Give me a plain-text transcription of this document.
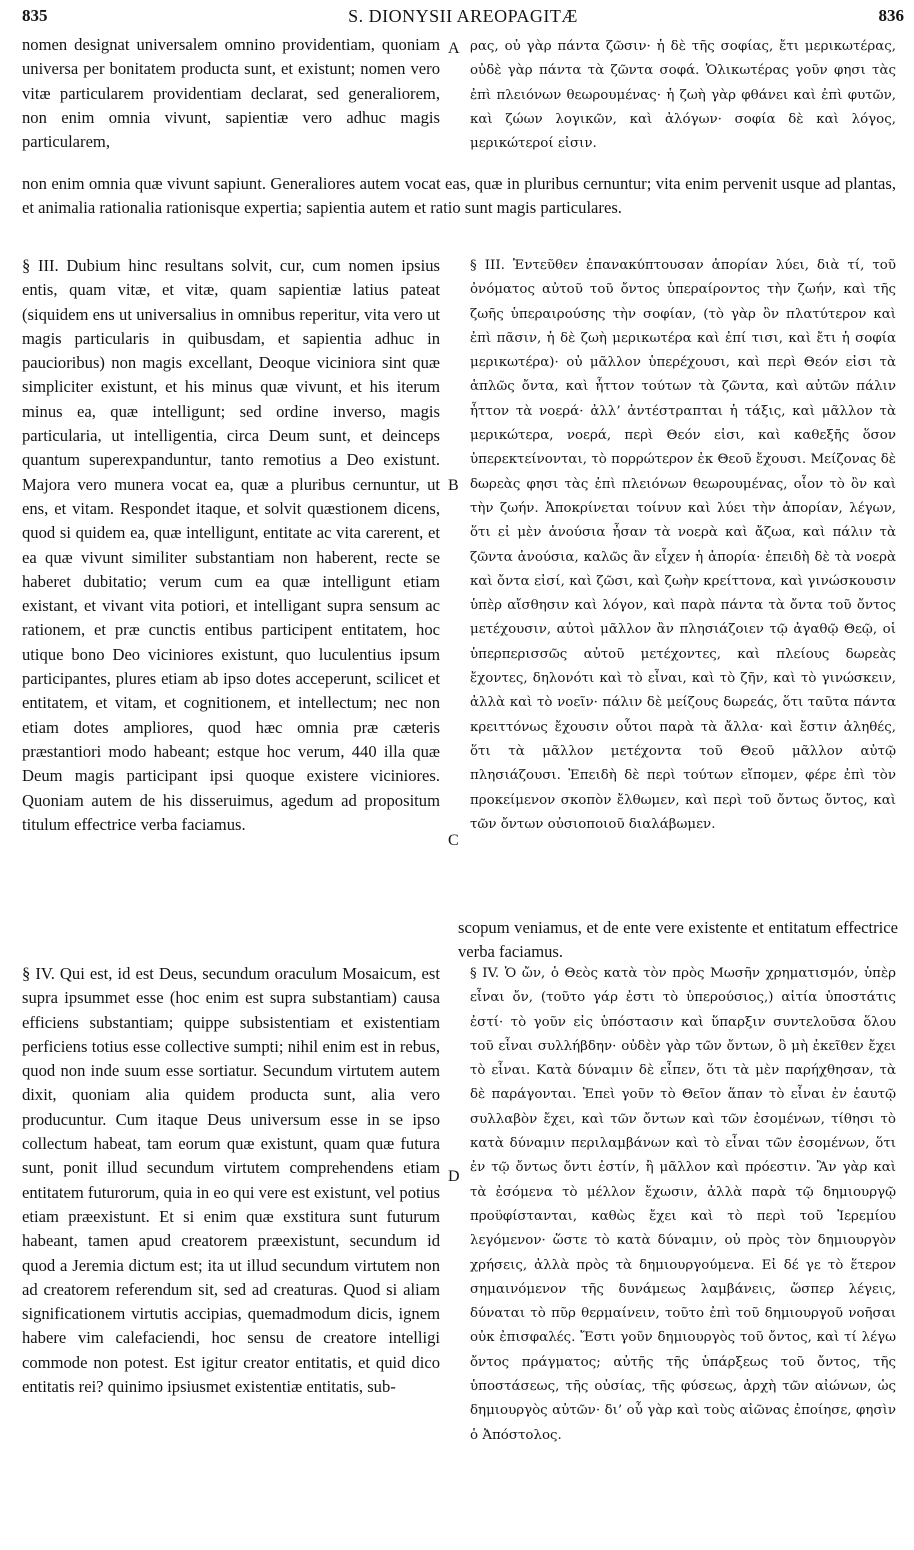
835	S. DIONYSII AREOPAGITÆ	836
nomen designat universalem omnino providentiam, quoniam universa per bonitatem producta sunt, et existunt; nomen vero vitæ particularem providentiam declarat, sed generaliorem, non enim omnia vivunt, sapientiæ vero adhuc magis particularem,
A ρας, οὐ γὰρ πάντα ζῶσιν· ἡ δὲ τῆς σοφίας, ἔτι μερικωτέρας, οὐδὲ γὰρ πάντα τὰ ζῶντα σοφά. Ὁλικωτέρας γοῦν φησι τὰς ἐπὶ πλειόνων θεωρουμένας· ἡ ζωὴ γὰρ φθάνει καὶ ἐπὶ φυτῶν, καὶ ζώων λογικῶν, καὶ ἀλόγων· σοφία δὲ καὶ λόγος, μερικώτεροί εἰσιν.
non enim omnia quæ vivunt sapiunt. Generaliores autem vocat eas, quæ in pluribus cernuntur; vita enim pervenit usque ad plantas, et animalia rationalia rationisque expertia; sapientia autem et ratio sunt magis particulares.
§ III. Dubium hinc resultans solvit, cur, cum nomen ipsius entis, quam vitæ, et vitæ, quam sapientiæ latius pateat (siquidem ens ut universalius in omnibus reperitur, vita vero ut magis particularis in quibusdam, et sapientia adhuc in paucioribus) non magis excellant, Deoque viciniora sint quæ simpliciter existunt, et his minus quæ vivunt, et his iterum minus ea, quæ intelligunt; sed ordine inverso, magis particularia, ut intelligentia, circa Deum sunt, et deinceps quantum superexpanduntur, tanto remotius a Deo existunt. Majora vero munera vocat ea, quæ a pluribus cernuntur, ut ens, et vitam. Respondet itaque, et solvit quæstionem dicens, quod si quidem ea, quæ intelligunt, entitate ac vita carerent, et ea quæ vivunt similiter substantiam non haberent, recte se haberet dubitatio; verum cum ea quæ intelligunt etiam existant, et vivant vita potiori, et intelligant supra sensum ac rationem, et præ cunctis entibus participent entitatem, hoc utique bono Deo viciniores existunt, quo luculentius ipsum participantes, plures etiam ab ipso dotes acceperunt, scilicet et entitatem, et vitam, et cognitionem, et intellectum; nec non etiam dotes ampliores, quod hæc omnia præ cæteris præstantiori modo habeant; estque hoc verum, 440 illa quæ Deum magis participant ipsi quoque existere viciniores. Quoniam autem de his disseruimus, agedum ad propositum titulum effectrice verba faciamus.
B
C
§ III. Ἐντεῦθεν ἐπανακύπτουσαν ἀπορίαν λύει, διὰ τί, τοῦ ὀνόματος αὐτοῦ τοῦ ὄντος ὑπεραίροντος τὴν ζωήν, καὶ τῆς ζωῆς ὑπεραιρούσης τὴν σοφίαν, (τὸ γὰρ ὂν πλατύτερον καὶ ἐπὶ πᾶσιν, ἡ δὲ ζωὴ μερικωτέρα καὶ ἐπί τισι, καὶ ἔτι ἡ σοφία μερικωτέρα)· οὐ μᾶλλον ὑπερέχουσι, καὶ περὶ Θεόν εἰσι τὰ ἁπλῶς ὄντα, καὶ ἧττον τούτων τὰ ζῶντα, καὶ αὐτῶν πάλιν ἧττον τὰ νοερά· ἀλλ’ ἀντέστραπται ἡ τάξις, καὶ μᾶλλον τὰ μερικώτερα, νοερά, περὶ Θεόν εἰσι, καὶ καθεξῆς ὅσον ὑπερεκτείνονται, τὸ πορρώτερον ἐκ Θεοῦ ἔχουσι. Μείζονας δὲ δωρεὰς φησι τὰς ἐπὶ πλειόνων θεωρουμένας, οἷον τὸ ὂν καὶ τὴν ζωήν. Ἀποκρίνεται τοίνυν καὶ λύει τὴν ἀπορίαν, λέγων, ὅτι εἰ μὲν ἀνούσια ἦσαν τὰ νοερὰ καὶ ἄζωα, καὶ πάλιν τὰ ζῶντα ἀνούσια, καλῶς ἂν εἶχεν ἡ ἀπορία· ἐπειδὴ δὲ τὰ νοερὰ καὶ ὄντα εἰσί, καὶ ζῶσι, καὶ ζωὴν κρείττονα, καὶ γινώσκουσιν ὑπὲρ αἴσθησιν καὶ λόγον, καὶ παρὰ πάντα τὰ ὄντα τοῦ ὄντος μετέχουσιν, αὐτοὶ μᾶλλον ἂν πλησιάζοιεν τῷ ἀγαθῷ Θεῷ, οἱ ὑπερπερισσῶς αὐτοῦ μετέχοντες, καὶ πλείους δωρεὰς ἔχοντες, δηλονότι καὶ τὸ εἶναι, καὶ τὸ ζῆν, καὶ τὸ γινώσκειν, ἀλλὰ καὶ τὸ νοεῖν· πάλιν δὲ μείζους δωρεάς, ὅτι ταῦτα πάντα κρειττόνως ἔχουσιν οὗτοι παρὰ τὰ ἄλλα· καὶ ἔστιν ἀληθές, ὅτι τὰ μᾶλλον μετέχοντα τοῦ Θεοῦ μᾶλλον αὐτῷ πλησιάζουσι. Ἐπειδὴ δὲ περὶ τούτων εἴπομεν, φέρε ἐπὶ τὸν προκείμενον σκοπὸν ἔλθωμεν, καὶ περὶ τοῦ ὄντως ὄντος, καὶ τῶν ὄντων οὐσιοποιοῦ διαλάβωμεν.
scopum veniamus, et de ente vere existente et entitatum effectrice verba faciamus.
§ IV. Qui est, id est Deus, secundum oraculum Mosaicum, est supra ipsummet esse (hoc enim est supra substantiam) causa efficiens substantiam; quippe subsistentiam et existentiam perficiens totius esse collective sumpti; nihil enim est in rebus, quod non inde suum esse sortiatur. Secundum virtutem autem dixit, quoniam alia quidem producta sunt, alia vero producuntur. Cum itaque Deus universum esse in se ipso collectum habeat, tam eorum quæ existunt, quam quæ futura sunt, ponit illud secundum virtutem comprehendens etiam entitatem futurorum, quia in eo qui vere est existunt, vel potius etiam præexistunt. Et si enim quæ exstitura sunt futurum habeant, tamen apud creatorem præexistunt, secundum id quod a Jeremia dictum est; ita ut illud secundum virtutem non ad creatorem referendum sit, sed ad creaturas. Quod si aliam significationem virtutis accipias, quemadmodum dicis, ignem habere vim calefaciendi, hoc sensu de creatore intelligi commode non potest. Est igitur creator entitatis, et quid dico entitatis rei? quinimo ipsiusmet existentiæ entitatis, sub-
D
§ IV. Ὁ ὤν, ὁ Θεὸς κατὰ τὸν πρὸς Μωσῆν χρηματισμόν, ὑπὲρ εἶναι ὄν, (τοῦτο γάρ ἐστι τὸ ὑπερούσιος,) αἰτία ὑποστάτις ἐστί· τὸ γοῦν εἰς ὑπόστασιν καὶ ὕπαρξιν συντελοῦσα ὅλου τοῦ εἶναι συλλήβδην· οὐδὲν γὰρ τῶν ὄντων, ὃ μὴ ἐκεῖθεν ἔχει τὸ εἶναι. Κατὰ δύναμιν δὲ εἶπεν, ὅτι τὰ μὲν παρήχθησαν, τὰ δὲ παράγονται. Ἐπεὶ γοῦν τὸ Θεῖον ἅπαν τὸ εἶναι ἐν ἑαυτῷ συλλαβὸν ἔχει, καὶ τῶν ὄντων καὶ τῶν ἐσομένων, τίθησι τὸ κατὰ δύναμιν περιλαμβάνων καὶ τὸ εἶναι τῶν ἐσομένων, ὅτι ἐν τῷ ὄντως ὄντι ἐστίν, ἢ μᾶλλον καὶ πρόεστιν. Ἂν γὰρ καὶ τὰ ἐσόμενα τὸ μέλλον ἔχωσιν, ἀλλὰ παρὰ τῷ δημιουργῷ προϋφίστανται, καθὼς ἔχει καὶ τὸ περὶ τοῦ Ἱερεμίου λεγόμενον· ὥστε τὸ κατὰ δύναμιν, οὐ πρὸς τὸν δημιουργὸν χρήσεις, ἀλλὰ πρὸς τὰ δημιουργούμενα. Εἰ δέ γε τὸ ἕτερον σημαινόμενον τῆς δυνάμεως λαμβάνεις, ὥσπερ λέγεις, δύναται τὸ πῦρ θερμαίνειν, τοῦτο ἐπὶ τοῦ δημιουργοῦ νοῆσαι οὐκ ἐπισφαλές. Ἔστι γοῦν δημιουργὸς τοῦ ὄντος, καὶ τί λέγω ὄντος πράγματος; αὐτῆς τῆς ὑπάρξεως τοῦ ὄντος, τῆς ὑποστάσεως, τῆς οὐσίας, τῆς φύσεως, ἀρχὴ τῶν αἰώνων, ὡς δημιουργὸς αὐτῶν· δι’ οὗ γὰρ καὶ τοὺς αἰῶνας ἐποίησε, φησὶν ὁ Ἀπόστολος.
